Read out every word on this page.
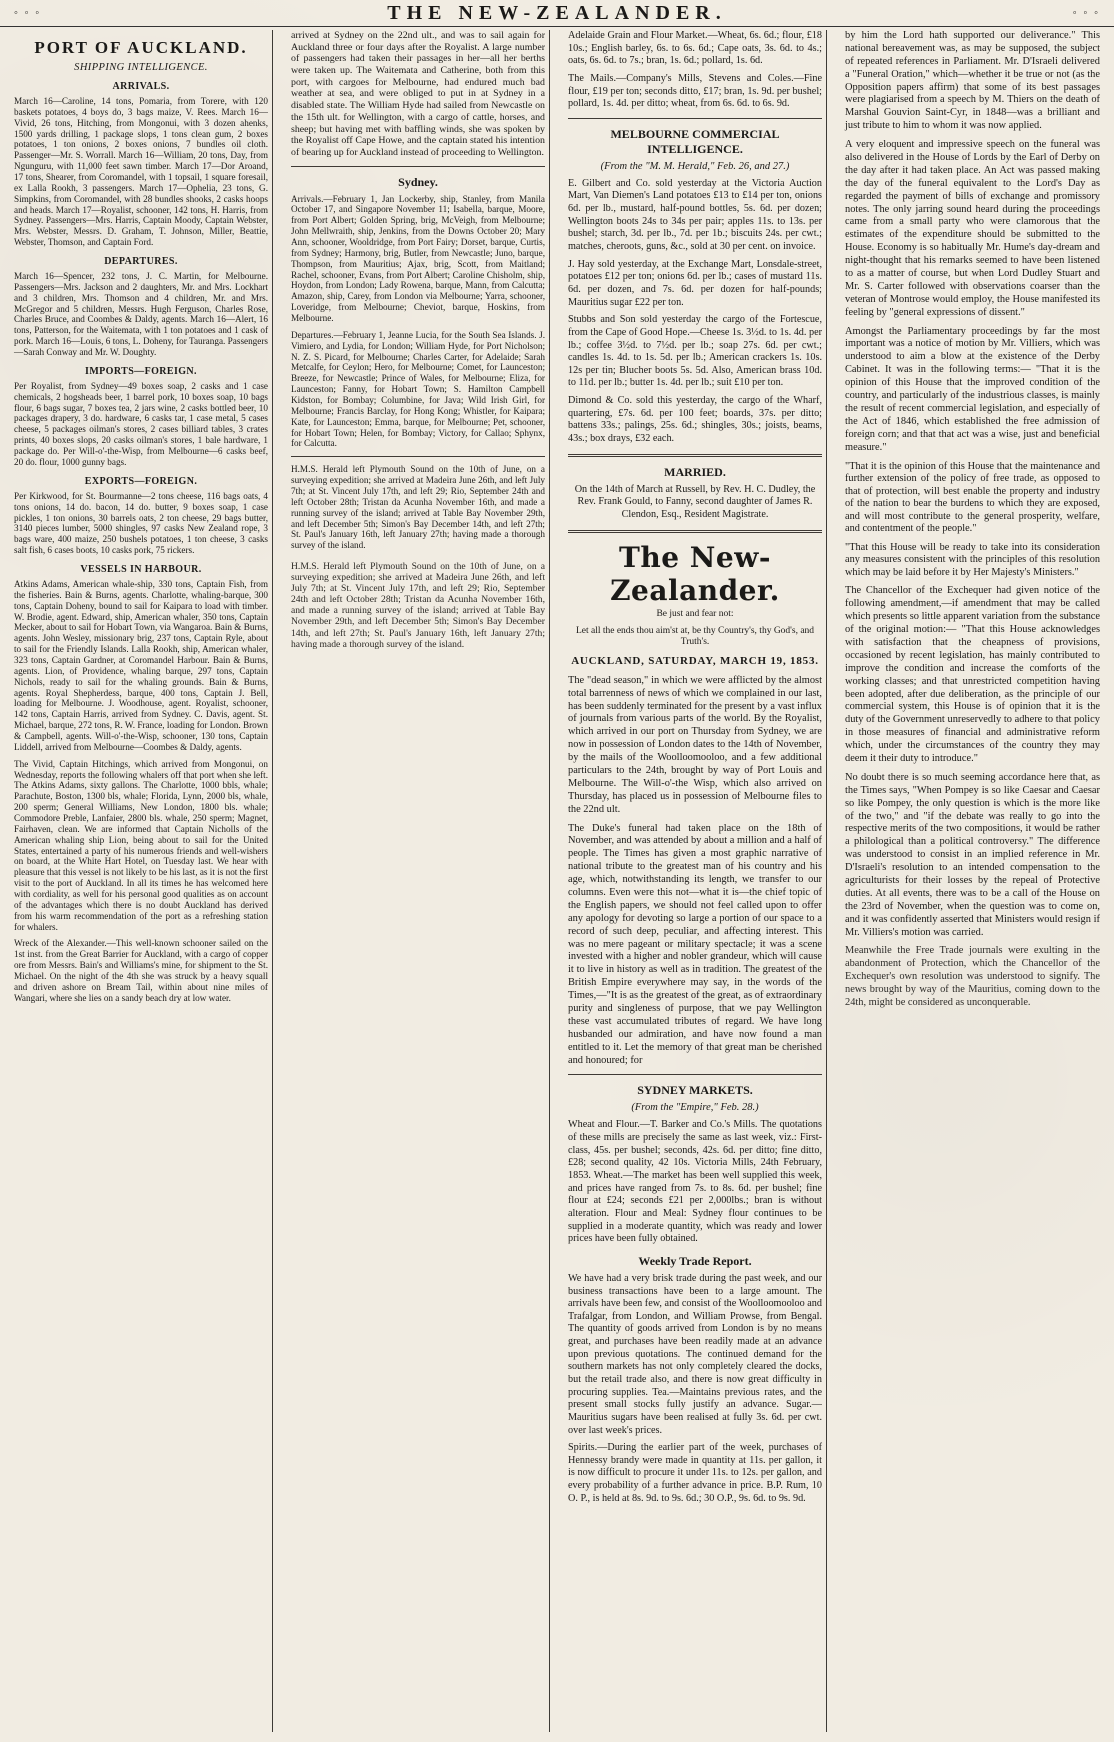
◦ ◦ ◦	THE NEW-ZEALANDER.	◦ ◦ ◦
PORT OF AUCKLAND.
SHIPPING INTELLIGENCE.
ARRIVALS.

March 16—Caroline, 14 tons, Pomaria, from Torere, with 120 baskets potatoes, 4 boys do, 3 bags maize, V. Rees. March 16—Vivid, 26 tons, Hitching, from Mongonui, with 3 dozen ahenks, 1500 yards drilling, 1 package slops, 1 tons clean gum, 2 boxes potatoes, 1 ton onions, 2 boxes onions, 7 bundles oil cloth. Passenger—Mr. S. Worrall. March 16—William, 20 tons, Day, from Ngunguru, with 11,000 feet sawn timber. March 17—Dor Aroand, 17 tons, Shearer, from Coromandel, with 1 topsail, 1 square foresail, ex Lalla Rookh, 3 passengers. March 17—Ophelia, 23 tons, G. Simpkins, from Coromandel, with 28 bundles shooks, 2 casks hoops and heads. March 17—Royalist, schooner, 142 tons, H. Harris, from Sydney. Passengers—Mrs. Harris, Captain Moody, Captain Webster, Mrs. Webster, Messrs. D. Graham, T. Johnson, Miller, Beattie, Webster, Thomson, and Captain Ford.

DEPARTURES.

March 16—Spencer, 232 tons, J. C. Martin, for Melbourne. Passengers—Mrs. Jackson and 2 daughters, Mr. and Mrs. Lockhart and 3 children, Mrs. Thomson and 4 children, Mr. and Mrs. McGregor and 5 children, Messrs. Hugh Ferguson, Charles Rose, Charles Bruce, and Coombes & Daldy, agents. March 16—Alert, 16 tons, Patterson, for the Waitemata, with 1 ton potatoes and 1 cask of pork. March 16—Louis, 6 tons, L. Doheny, for Tauranga. Passengers—Sarah Conway and Mr. W. Doughty.

IMPORTS—FOREIGN.

Per Royalist, from Sydney—49 boxes soap, 2 casks and 1 case chemicals, 2 hogsheads beer, 1 barrel pork, 10 boxes soap, 10 bags flour, 6 bags sugar, 7 boxes tea, 2 jars wine, 2 casks bottled beer, 10 packages drapery, 3 do. hardware, 6 casks tar, 1 case metal, 5 cases cheese, 5 packages oilman's stores, 2 cases billiard tables, 3 crates prints, 40 boxes slops, 20 casks oilman's stores, 1 bale hardware, 1 package do. Per Will-o'-the-Wisp, from Melbourne—6 casks beef, 20 do. flour, 1000 gunny bags.

EXPORTS—FOREIGN.

Per Kirkwood, for St. Bourmanne—2 tons cheese, 116 bags oats, 4 tons onions, 14 do. bacon, 14 do. butter, 9 boxes soap, 1 case pickles, 1 ton onions, 30 barrels oats, 2 ton cheese, 29 bags butter, 3140 pieces lumber, 5000 shingles, 97 casks New Zealand rope, 3 bags ware, 400 maize, 250 bushels potatoes, 1 ton cheese, 3 casks salt fish, 6 cases boots, 10 casks pork, 75 rickers.

VESSELS IN HARBOUR.

Atkins Adams, American whale-ship, 330 tons, Captain Fish, from the fisheries. Bain & Burns, agents. Charlotte, whaling-barque, 300 tons, Captain Doheny, bound to sail for Kaipara to load with timber. W. Brodie, agent. Edward, ship, American whaler, 350 tons, Captain Mecker, about to sail for Hobart Town, via Wangaroa. Bain & Burns, agents. John Wesley, missionary brig, 237 tons, Captain Ryle, about to sail for the Friendly Islands. Lalla Rookh, ship, American whaler, 323 tons, Captain Gardner, at Coromandel Harbour. Bain & Burns, agents. Lion, of Providence, whaling barque, 297 tons, Captain Nichols, ready to sail for the whaling grounds. Bain & Burns, agents. Royal Shepherdess, barque, 400 tons, Captain J. Bell, loading for Melbourne. J. Woodhouse, agent. Royalist, schooner, 142 tons, Captain Harris, arrived from Sydney. C. Davis, agent. St. Michael, barque, 272 tons, R. W. France, loading for London. Brown & Campbell, agents. Will-o'-the-Wisp, schooner, 130 tons, Captain Liddell, arrived from Melbourne—Coombes & Daldy, agents.

The Vivid, Captain Hitchings, which arrived from Mongonui, on Wednesday, reports the following whalers off that port when she left. The Atkins Adams, sixty gallons. The Charlotte, 1000 bbls, whale; Parachute, Boston, 1300 bls, whale; Florida, Lynn, 2000 bls, whale, 200 sperm; General Williams, New London, 1800 bls. whale; Commodore Preble, Lanfaier, 2800 bls. whale, 250 sperm; Magnet, Fairhaven, clean. We are informed that Captain Nicholls of the American whaling ship Lion, being about to sail for the United States, entertained a party of his numerous friends and well-wishers on board, at the White Hart Hotel, on Tuesday last. We hear with pleasure that this vessel is not likely to be his last, as it is not the first visit to the port of Auckland. In all its times he has welcomed here with cordiality, as well for his personal good qualities as on account of the advantages which there is no doubt Auckland has derived from his warm recommendation of the port as a refreshing station for whalers.

Wreck of the Alexander.—This well-known schooner sailed on the 1st inst. from the Great Barrier for Auckland, with a cargo of copper ore from Messrs. Bain's and Williams's mine, for shipment to the St. Michael. On the night of the 4th she was struck by a heavy squall and driven ashore on Bream Tail, within about nine miles of Wangari, where she lies on a sandy beach dry at low water.

arrived at Sydney on the 22nd ult., and was to sail again for Auckland three or four days after the Royalist. A large number of passengers had taken their passages in her—all her berths were taken up. The Waitemata and Catherine, both from this port, with cargoes for Melbourne, had endured much bad weather at sea, and were obliged to put in at Sydney in a disabled state. The William Hyde had sailed from Newcastle on the 15th ult. for Wellington, with a cargo of cattle, horses, and sheep; but having met with baffling winds, she was spoken by the Royalist off Cape Howe, and the captain stated his intention of bearing up for Auckland instead of proceeding to Wellington.

Sydney.

Arrivals.—February 1, Jan Lockerby, ship, Stanley, from Manila October 17, and Singapore November 11; Isabella, barque, Moore, from Port Albert; Golden Spring, brig, McVeigh, from Melbourne; John Mellwraith, ship, Jenkins, from the Downs October 20; Mary Ann, schooner, Wooldridge, from Port Fairy; Dorset, barque, Curtis, from Sydney; Harmony, brig, Butler, from Newcastle; Juno, barque, Thompson, from Mauritius; Ajax, brig, Scott, from Maitland; Rachel, schooner, Evans, from Port Albert; Caroline Chisholm, ship, Hoydon, from London; Lady Rowena, barque, Mann, from Calcutta; Amazon, ship, Carey, from London via Melbourne; Yarra, schooner, Loveridge, from Melbourne; Cheviot, barque, Hoskins, from Melbourne.

Departures.—February 1, Jeanne Lucia, for the South Sea Islands. J. Vimiero, and Lydia, for London; William Hyde, for Port Nicholson; N. Z. S. Picard, for Melbourne; Charles Carter, for Adelaide; Sarah Metcalfe, for Ceylon; Hero, for Melbourne; Comet, for Launceston; Breeze, for Newcastle; Prince of Wales, for Melbourne; Eliza, for Launceston; Fanny, for Hobart Town; S. Hamilton Campbell Kidston, for Bombay; Columbine, for Java; Wild Irish Girl, for Melbourne; Francis Barclay, for Hong Kong; Whistler, for Kaipara; Kate, for Launceston; Emma, barque, for Melbourne; Pet, schooner, for Hobart Town; Helen, for Bombay; Victory, for Callao; Sphynx, for Calcutta.

H.M.S. Herald left Plymouth Sound on the 10th of June, on a surveying expedition; she arrived at Madeira June 26th, and left July 7th; at St. Vincent July 17th, and left 29; Rio, September 24th and left October 28th; Tristan da Acunha November 16th, and made a running survey of the island; arrived at Table Bay November 29th, and left December 5th; Simon's Bay December 14th, and left 27th; St. Paul's January 16th, left January 27th; having made a thorough survey of the island.

H.M.S. Herald left Plymouth Sound on the 10th of June, on a surveying expedition; she arrived at Madeira June 26th, and left July 7th; at St. Vincent July 17th, and left 29; Rio, September 24th and left October 28th; Tristan da Acunha November 16th, and made a running survey of the island; arrived at Table Bay November 29th, and left December 5th; Simon's Bay December 14th, and left 27th; St. Paul's January 16th, left January 27th; having made a thorough survey of the island.

Adelaide Grain and Flour Market.—Wheat, 6s. 6d.; flour, £18 10s.; English barley, 6s. to 6s. 6d.; Cape oats, 3s. 6d. to 4s.; oats, 6s. 6d. to 7s.; bran, 1s. 6d.; pollard, 1s. 6d.

The Mails.—Company's Mills, Stevens and Coles.—Fine flour, £19 per ton; seconds ditto, £17; bran, 1s. 9d. per bushel; pollard, 1s. 4d. per ditto; wheat, from 6s. 6d. to 6s. 9d.

MELBOURNE COMMERCIAL INTELLIGENCE.
(From the "M. M. Herald," Feb. 26, and 27.)

E. Gilbert and Co. sold yesterday at the Victoria Auction Mart, Van Diemen's Land potatoes £13 to £14 per ton, onions 6d. per lb., mustard, half-pound bottles, 5s. 6d. per dozen; Wellington boots 24s to 34s per pair; apples 11s. to 13s. per bushel; starch, 3d. per lb., 7d. per 1b.; biscuits 24s. per cwt.; matches, cheroots, guns, &c., sold at 30 per cent. on invoice.

J. Hay sold yesterday, at the Exchange Mart, Lonsdale-street, potatoes £12 per ton; onions 6d. per lb.; cases of mustard 11s. 6d. per dozen, and 7s. 6d. per dozen for half-pounds; Mauritius sugar £22 per ton.

Stubbs and Son sold yesterday the cargo of the Fortescue, from the Cape of Good Hope.—Cheese 1s. 3½d. to 1s. 4d. per lb.; coffee 3½d. to 7½d. per lb.; soap 27s. 6d. per cwt.; candles 1s. 4d. to 1s. 5d. per lb.; American crackers 1s. 10s. 12s per tin; Blucher boots 5s. 5d. Also, American brass 10d. to 11d. per lb.; butter 1s. 4d. per lb.; suit £10 per ton.

Dimond & Co. sold this yesterday, the cargo of the Wharf, quartering, £7s. 6d. per 100 feet; boards, 37s. per ditto; battens 33s.; palings, 25s. 6d.; shingles, 30s.; joists, beams, 43s.; box drays, £32 each.

MARRIED.

On the 14th of March at Russell, by Rev. H. C. Dudley, the Rev. Frank Gould, to Fanny, second daughter of James R. Clendon, Esq., Resident Magistrate.

The New-Zealander.
Be just and fear not:
Let all the ends thou aim'st at, be thy Country's, thy God's, and Truth's.
AUCKLAND, SATURDAY, MARCH 19, 1853.

The "dead season," in which we were afflicted by the almost total barrenness of news of which we complained in our last, has been suddenly terminated for the present by a vast influx of journals from various parts of the world. By the Royalist, which arrived in our port on Thursday from Sydney, we are now in possession of London dates to the 14th of November, by the mails of the Woolloomooloo, and a few additional particulars to the 24th, brought by way of Port Louis and Melbourne. The Will-o'-the Wisp, which also arrived on Thursday, has placed us in possession of Melbourne files to the 22nd ult.

The Duke's funeral had taken place on the 18th of November, and was attended by about a million and a half of people. The Times has given a most graphic narrative of national tribute to the greatest man of his country and his age, which, notwithstanding its length, we transfer to our columns. Even were this not—what it is—the chief topic of the English papers, we should not feel called upon to offer any apology for devoting so large a portion of our space to a record of such deep, peculiar, and affecting interest. This was no mere pageant or military spectacle; it was a scene invested with a higher and nobler grandeur, which will cause it to live in history as well as in tradition. The greatest of the British Empire everywhere may say, in the words of the Times,—"It is as the greatest of the great, as of extraordinary purity and singleness of purpose, that we pay Wellington these vast accumulated tributes of regard. We have long husbanded our admiration, and have now found a man entitled to it. Let the memory of that great man be cherished and honoured; for

SYDNEY MARKETS.
(From the "Empire," Feb. 28.)

Wheat and Flour.—T. Barker and Co.'s Mills. The quotations of these mills are precisely the same as last week, viz.: First-class, 45s. per bushel; seconds, 42s. 6d. per ditto; fine ditto, £28; second quality, 42 10s. Victoria Mills, 24th February, 1853. Wheat.—The market has been well supplied this week, and prices have ranged from 7s. to 8s. 6d. per bushel; fine flour at £24; seconds £21 per 2,000lbs.; bran is without alteration. Flour and Meal: Sydney flour continues to be supplied in a moderate quantity, which was ready and lower prices have been fully obtained.

Weekly Trade Report.

We have had a very brisk trade during the past week, and our business transactions have been to a large amount. The arrivals have been few, and consist of the Woolloomooloo and Trafalgar, from London, and William Prowse, from Bengal. The quantity of goods arrived from London is by no means great, and purchases have been readily made at an advance upon previous quotations. The continued demand for the southern markets has not only completely cleared the docks, but the retail trade also, and there is now great difficulty in procuring supplies. Tea.—Maintains previous rates, and the present small stocks fully justify an advance. Sugar.—Mauritius sugars have been realised at fully 3s. 6d. per cwt. over last week's prices.

Spirits.—During the earlier part of the week, purchases of Hennessy brandy were made in quantity at 11s. per gallon, it is now difficult to procure it under 11s. to 12s. per gallon, and every probability of a further advance in price. B.P. Rum, 10 O. P., is held at 8s. 9d. to 9s. 6d.; 30 O.P., 9s. 6d. to 9s. 9d.

by him the Lord hath supported our deliverance." This national bereavement was, as may be supposed, the subject of repeated references in Parliament. Mr. D'Israeli delivered a "Funeral Oration," which—whether it be true or not (as the Opposition papers affirm) that some of its best passages were plagiarised from a speech by M. Thiers on the death of Marshal Gouvion Saint-Cyr, in 1848—was a brilliant and just tribute to him to whom it was now applied.

A very eloquent and impressive speech on the funeral was also delivered in the House of Lords by the Earl of Derby on the day after it had taken place. An Act was passed making the day of the funeral equivalent to the Lord's Day as regarded the payment of bills of exchange and promissory notes. The only jarring sound heard during the proceedings came from a small party who were clamorous that the estimates of the expenditure should be submitted to the House. Economy is so habitually Mr. Hume's day-dream and night-thought that his remarks seemed to have been listened to as a matter of course, but when Lord Dudley Stuart and Mr. S. Carter followed with observations coarser than the veteran of Montrose would employ, the House manifested its feeling by "general expressions of dissent."

Amongst the Parliamentary proceedings by far the most important was a notice of motion by Mr. Villiers, which was understood to aim a blow at the existence of the Derby Cabinet. It was in the following terms:— "That it is the opinion of this House that the improved condition of the country, and particularly of the industrious classes, is mainly the result of recent commercial legislation, and especially of the Act of 1846, which established the free admission of foreign corn; and that that act was a wise, just and beneficial measure."

"That it is the opinion of this House that the maintenance and further extension of the policy of free trade, as opposed to that of protection, will best enable the property and industry of the nation to bear the burdens to which they are exposed, and will most contribute to the general prosperity, welfare, and contentment of the people."

"That this House will be ready to take into its consideration any measures consistent with the principles of this resolution which may be laid before it by Her Majesty's Ministers."

The Chancellor of the Exchequer had given notice of the following amendment,—if amendment that may be called which presents so little apparent variation from the substance of the original motion:— "That this House acknowledges with satisfaction that the cheapness of provisions, occasioned by recent legislation, has mainly contributed to improve the condition and increase the comforts of the working classes; and that unrestricted competition having been adopted, after due deliberation, as the principle of our commercial system, this House is of opinion that it is the duty of the Government unreservedly to adhere to that policy in those measures of financial and administrative reform which, under the circumstances of the country they may deem it their duty to introduce."

No doubt there is so much seeming accordance here that, as the Times says, "When Pompey is so like Caesar and Caesar so like Pompey, the only question is which is the more like of the two," and "if the debate was really to go into the respective merits of the two compositions, it would be rather a philological than a political controversy." The difference was understood to consist in an implied reference in Mr. D'Israeli's resolution to an intended compensation to the agriculturists for their losses by the repeal of Protective duties. At all events, there was to be a call of the House on the 23rd of November, when the question was to come on, and it was confidently asserted that Ministers would resign if Mr. Villiers's motion was carried.

Meanwhile the Free Trade journals were exulting in the abandonment of Protection, which the Chancellor of the Exchequer's own resolution was understood to signify. The news brought by way of the Mauritius, coming down to the 24th, might be considered as unconquerable.
